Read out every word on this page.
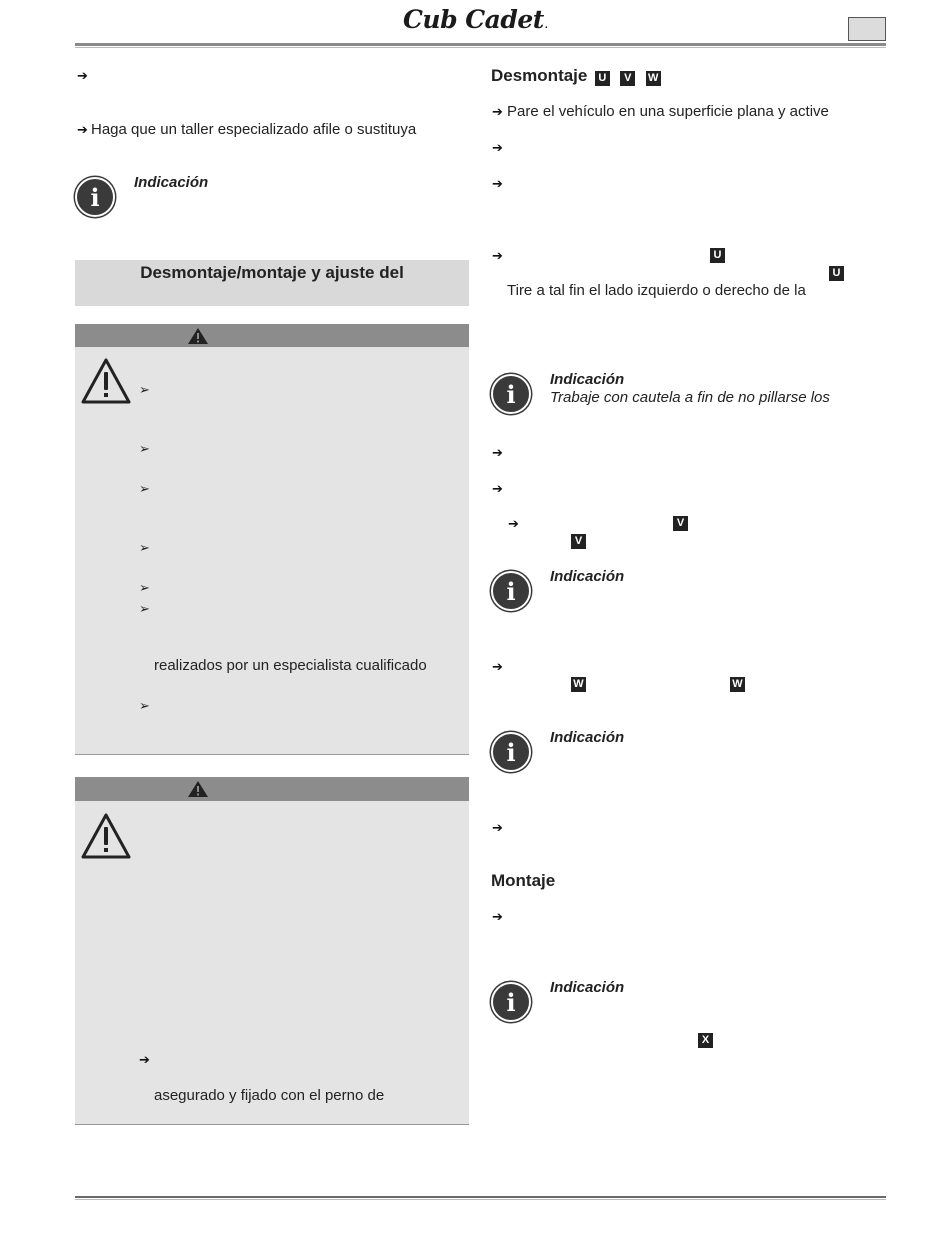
Cub Cadet.
➔
➔ Haga que un taller especializado afile o sustituya
i	Indicación
Desmontaje/montaje y ajuste del
➢
➢
➢
➢
➢
➢
realizados por un especialista cualificado
➢
➔
asegurado y fijado con el perno de
Desmontaje U V W
➔ Pare el vehículo en una superficie plana y active
➔
➔
➔	U
U
Tire a tal fin el lado izquierdo o derecho de la
i	Indicación
Trabaje con cautela a fin de no pillarse los
➔
➔
➔	V
V
i	Indicación
➔
W	W
i	Indicación
➔
Montaje
➔
i	Indicación
X
